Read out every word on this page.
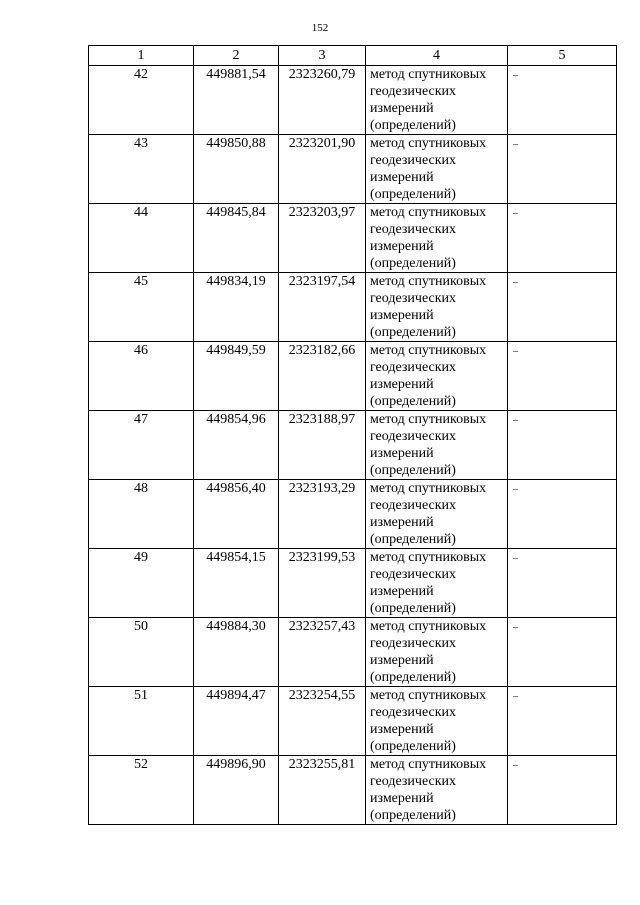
152
1	2	3	4	5
42	449881,54	2323260,79	метод спутниковых геодезических измерений (определений)	–
43	449850,88	2323201,90	метод спутниковых геодезических измерений (определений)	–
44	449845,84	2323203,97	метод спутниковых геодезических измерений (определений)	–
45	449834,19	2323197,54	метод спутниковых геодезических измерений (определений)	–
46	449849,59	2323182,66	метод спутниковых геодезических измерений (определений)	–
47	449854,96	2323188,97	метод спутниковых геодезических измерений (определений)	–
48	449856,40	2323193,29	метод спутниковых геодезических измерений (определений)	–
49	449854,15	2323199,53	метод спутниковых геодезических измерений (определений)	–
50	449884,30	2323257,43	метод спутниковых геодезических измерений (определений)	–
51	449894,47	2323254,55	метод спутниковых геодезических измерений (определений)	–
52	449896,90	2323255,81	метод спутниковых геодезических измерений (определений)	–
